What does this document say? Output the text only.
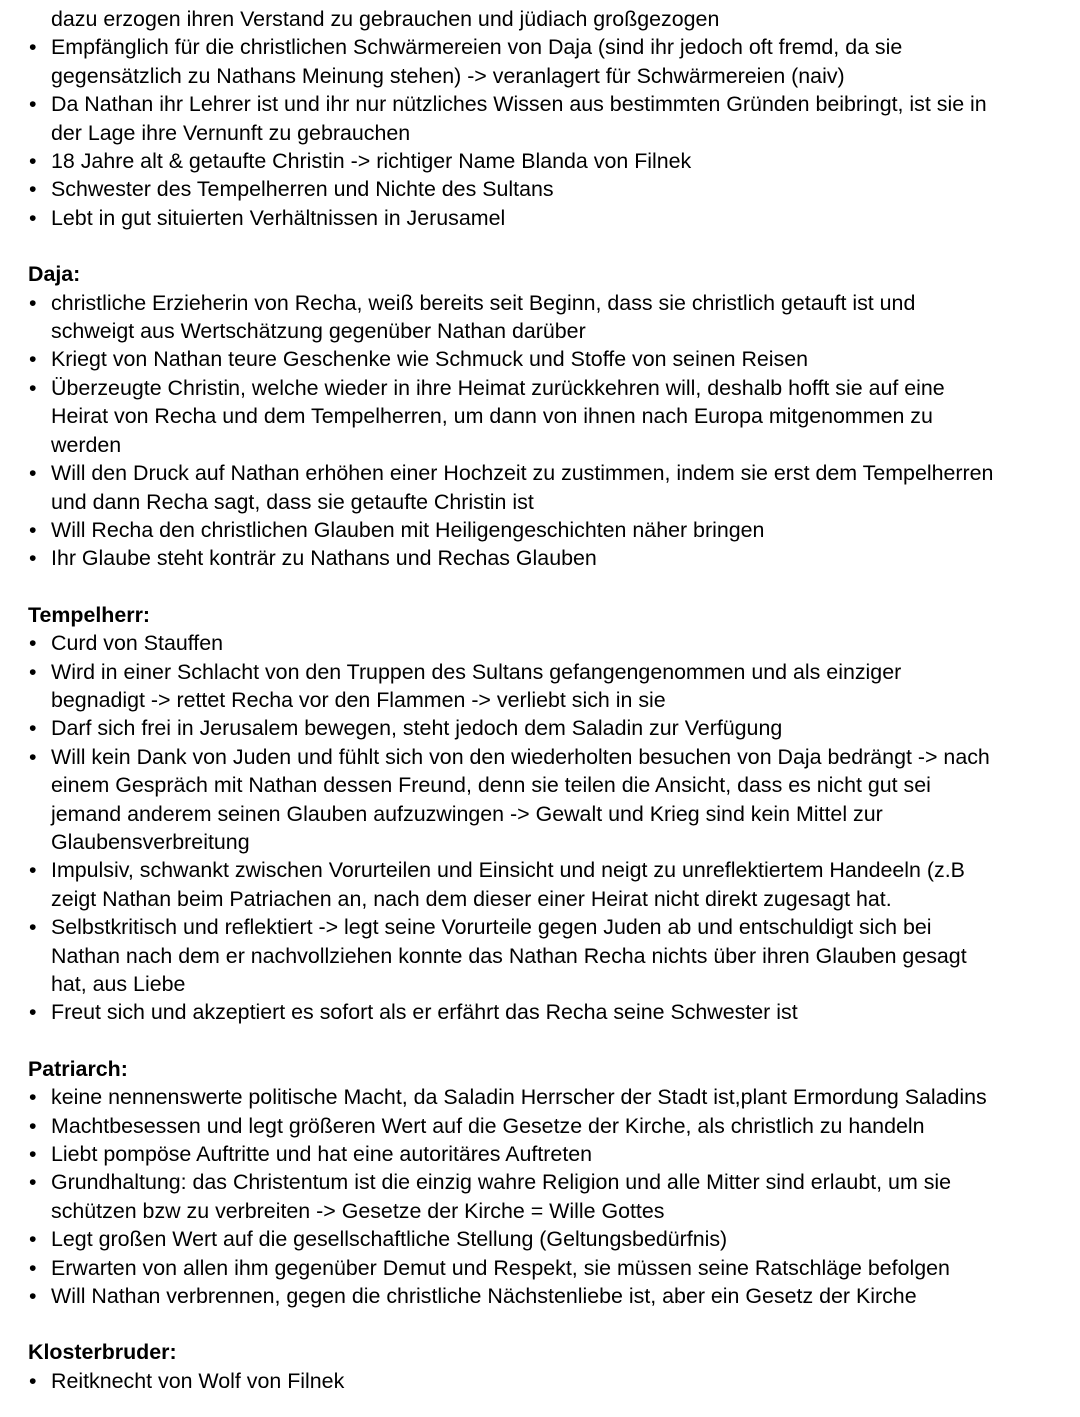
dazu erzogen ihren Verstand zu gebrauchen und jüdiach großgezogen

• Empfänglich für die christlichen Schwärmereien von Daja (sind ihr jedoch oft fremd, da sie
gegensätzlich zu Nathans Meinung stehen) -> veranlagert für Schwärmereien (naiv)
• Da Nathan ihr Lehrer ist und ihr nur nützliches Wissen aus bestimmten Gründen beibringt, ist sie in
der Lage ihre Vernunft zu gebrauchen
• 18 Jahre alt & getaufte Christin -> richtiger Name Blanda von Filnek
• Schwester des Tempelherren und Nichte des Sultans
• Lebt in gut situierten Verhältnissen in Jerusamel

Daja:

• christliche Erzieherin von Recha, weiß bereits seit Beginn, dass sie christlich getauft ist und
schweigt aus Wertschätzung gegenüber Nathan darüber
• Kriegt von Nathan teure Geschenke wie Schmuck und Stoffe von seinen Reisen
• Überzeugte Christin, welche wieder in ihre Heimat zurückkehren will, deshalb hofft sie auf eine
Heirat von Recha und dem Tempelherren, um dann von ihnen nach Europa mitgenommen zu
werden
• Will den Druck auf Nathan erhöhen einer Hochzeit zu zustimmen, indem sie erst dem Tempelherren
und dann Recha sagt, dass sie getaufte Christin ist
• Will Recha den christlichen Glauben mit Heiligengeschichten näher bringen
• Ihr Glaube steht konträr zu Nathans und Rechas Glauben

Tempelherr:

• Curd von Stauffen
• Wird in einer Schlacht von den Truppen des Sultans gefangengenommen und als einziger
begnadigt -> rettet Recha vor den Flammen -> verliebt sich in sie
• Darf sich frei in Jerusalem bewegen, steht jedoch dem Saladin zur Verfügung
• Will kein Dank von Juden und fühlt sich von den wiederholten besuchen von Daja bedrängt -> nach
einem Gespräch mit Nathan dessen Freund, denn sie teilen die Ansicht, dass es nicht gut sei
jemand anderem seinen Glauben aufzuzwingen -> Gewalt und Krieg sind kein Mittel zur
Glaubensverbreitung
• Impulsiv, schwankt zwischen Vorurteilen und Einsicht und neigt zu unreflektiertem Handeeln (z.B
zeigt Nathan beim Patriachen an, nach dem dieser einer Heirat nicht direkt zugesagt hat.
• Selbstkritisch und reflektiert -> legt seine Vorurteile gegen Juden ab und entschuldigt sich bei
Nathan nach dem er nachvollziehen konnte das Nathan Recha nichts über ihren Glauben gesagt
hat, aus Liebe
• Freut sich und akzeptiert es sofort als er erfährt das Recha seine Schwester ist

Patriarch:

• keine nennenswerte politische Macht, da Saladin Herrscher der Stadt ist,plant Ermordung Saladins
• Machtbesessen und legt größeren Wert auf die Gesetze der Kirche, als christlich zu handeln
• Liebt pompöse Auftritte und hat eine autoritäres Auftreten
• Grundhaltung: das Christentum ist die einzig wahre Religion und alle Mitter sind erlaubt, um sie
schützen bzw zu verbreiten -> Gesetze der Kirche = Wille Gottes
• Legt großen Wert auf die gesellschaftliche Stellung (Geltungsbedürfnis)
• Erwarten von allen ihm gegenüber Demut und Respekt, sie müssen seine Ratschläge befolgen
• Will Nathan verbrennen, gegen die christliche Nächstenliebe ist, aber ein Gesetz der Kirche

Klosterbruder:

• Reitknecht von Wolf von Filnek
